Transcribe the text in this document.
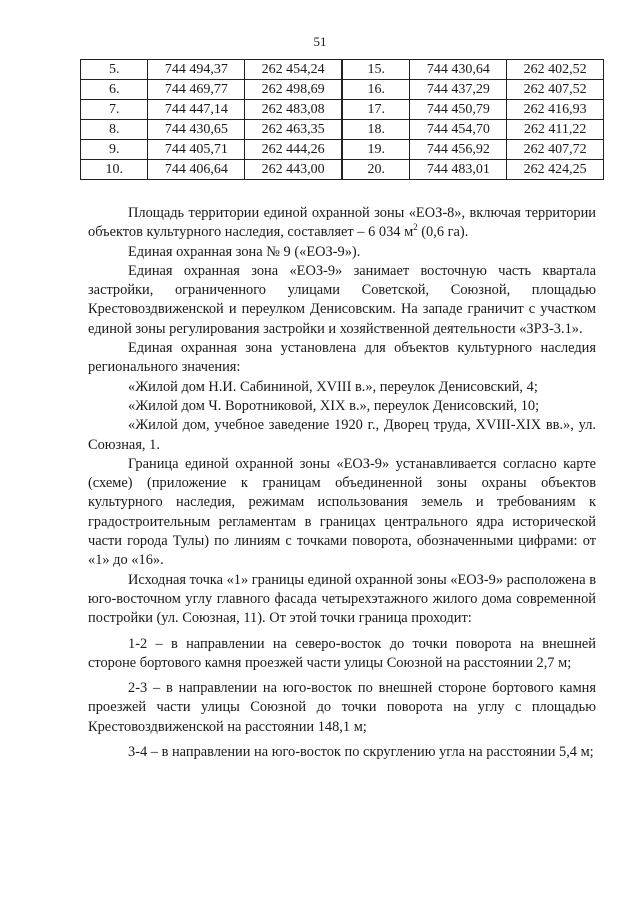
51
5.	744 494,37	262 454,24		15.	744 430,64	262 402,52
6.	744 469,77	262 498,69		16.	744 437,29	262 407,52
7.	744 447,14	262 483,08		17.	744 450,79	262 416,93
8.	744 430,65	262 463,35		18.	744 454,70	262 411,22
9.	744 405,71	262 444,26		19.	744 456,92	262 407,72
10.	744 406,64	262 443,00		20.	744 483,01	262 424,25

Площадь территории единой охранной зоны «ЕОЗ-8», включая территории объектов культурного наследия, составляет – 6 034 $м^2$ (0,6 га).

Единая охранная зона № 9 («ЕОЗ-9»).

Единая охранная зона «ЕОЗ-9» занимает восточную часть квартала застройки, ограниченного улицами Советской, Союзной, площадью Крестовоздвиженской и переулком Денисовским. На западе граничит с участком единой зоны регулирования застройки и хозяйственной деятельности «ЗРЗ-3.1».

Единая охранная зона установлена для объектов культурного наследия регионального значения:

«Жилой дом Н.И. Сабининой, XVIII в.», переулок Денисовский, 4;

«Жилой дом Ч. Воротниковой, XIX в.», переулок Денисовский, 10;

«Жилой дом, учебное заведение 1920 г., Дворец труда, XVIII-XIX вв.», ул. Союзная, 1.

Граница единой охранной зоны «ЕОЗ-9» устанавливается согласно карте (схеме) (приложение к границам объединенной зоны охраны объектов культурного наследия, режимам использования земель и требованиям к градостроительным регламентам в границах центрального ядра исторической части города Тулы) по линиям с точками поворота, обозначенными цифрами: от «1» до «16».

Исходная точка «1» границы единой охранной зоны «ЕОЗ-9» расположена в юго-восточном углу главного фасада четырехэтажного жилого дома современной постройки (ул. Союзная, 11). От этой точки граница проходит:

1-2 – в направлении на северо-восток до точки поворота на внешней стороне бортового камня проезжей части улицы Союзной на расстоянии 2,7 м;

2-3 – в направлении на юго-восток по внешней стороне бортового камня проезжей части улицы Союзной до точки поворота на углу с площадью Крестовоздвиженской на расстоянии 148,1 м;

3-4 – в направлении на юго-восток по скруглению угла на расстоянии 5,4 м;
